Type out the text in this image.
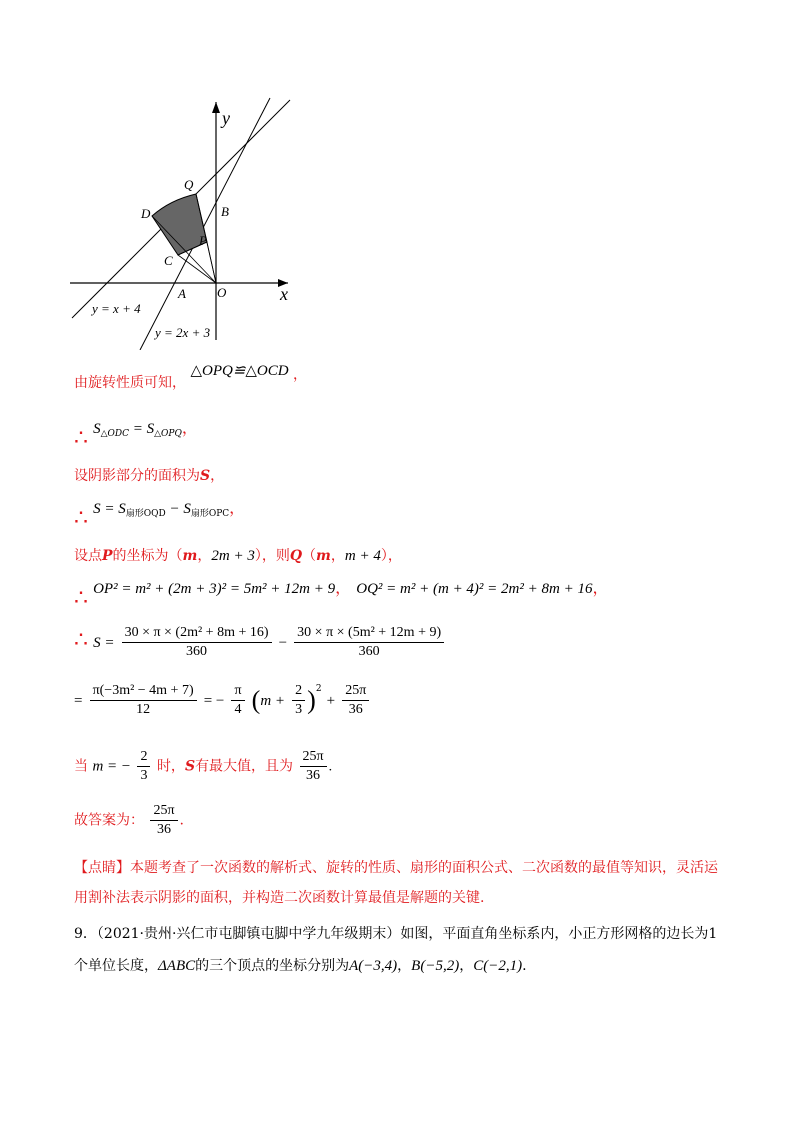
y
x
Q
D	B
P
C
A O
y = x + 4
y = 2x + 3
由旋转性质可知， △OPQ≌△OCD ，
∴ $S_{\triangle ODC} = S_{\triangle OPQ}$，
设阴影部分的面积为S，
∴ $S = S_{扇形OQD} - S_{扇形OPC}$，
设点P的坐标为（m，2m + 3），则Q（m，m + 4），
∴ OP² = m² + (2m + 3)² = 5m² + 12m + 9， OQ² = m² + (m + 4)² = 2m² + 8m + 16，
∴ $S = \frac{\text{30 × π × (2m² + 8m + 16)}}{360} - \frac{\text{30 × π × (5m² + 12m + 9)}}{360}$
= $\frac{\text{π(−3m² − 4m + 7)}}{12}$ = − $\frac{\pi}{4} (m + \frac{2}{3} )^2 + \frac{25\pi}{36}$
当 m = − $\frac{2}{3}$ 时，S有最大值，且为 $\frac{25\pi}{36}$ .
故答案为： $\frac{25\pi}{36}$ .
【点睛】本题考查了一次函数的解析式、旋转的性质、扇形的面积公式、二次函数的最值等知识，灵活运
用割补法表示阴影的面积，并构造二次函数计算最值是解题的关键.
9．（2021·贵州·兴仁市屯脚镇屯脚中学九年级期末）如图，平面直角坐标系内，小正方形网格的边长为1
个单位长度，ΔABC的三个顶点的坐标分别为A(−3,4)，B(−5,2)，C(−2,1).
